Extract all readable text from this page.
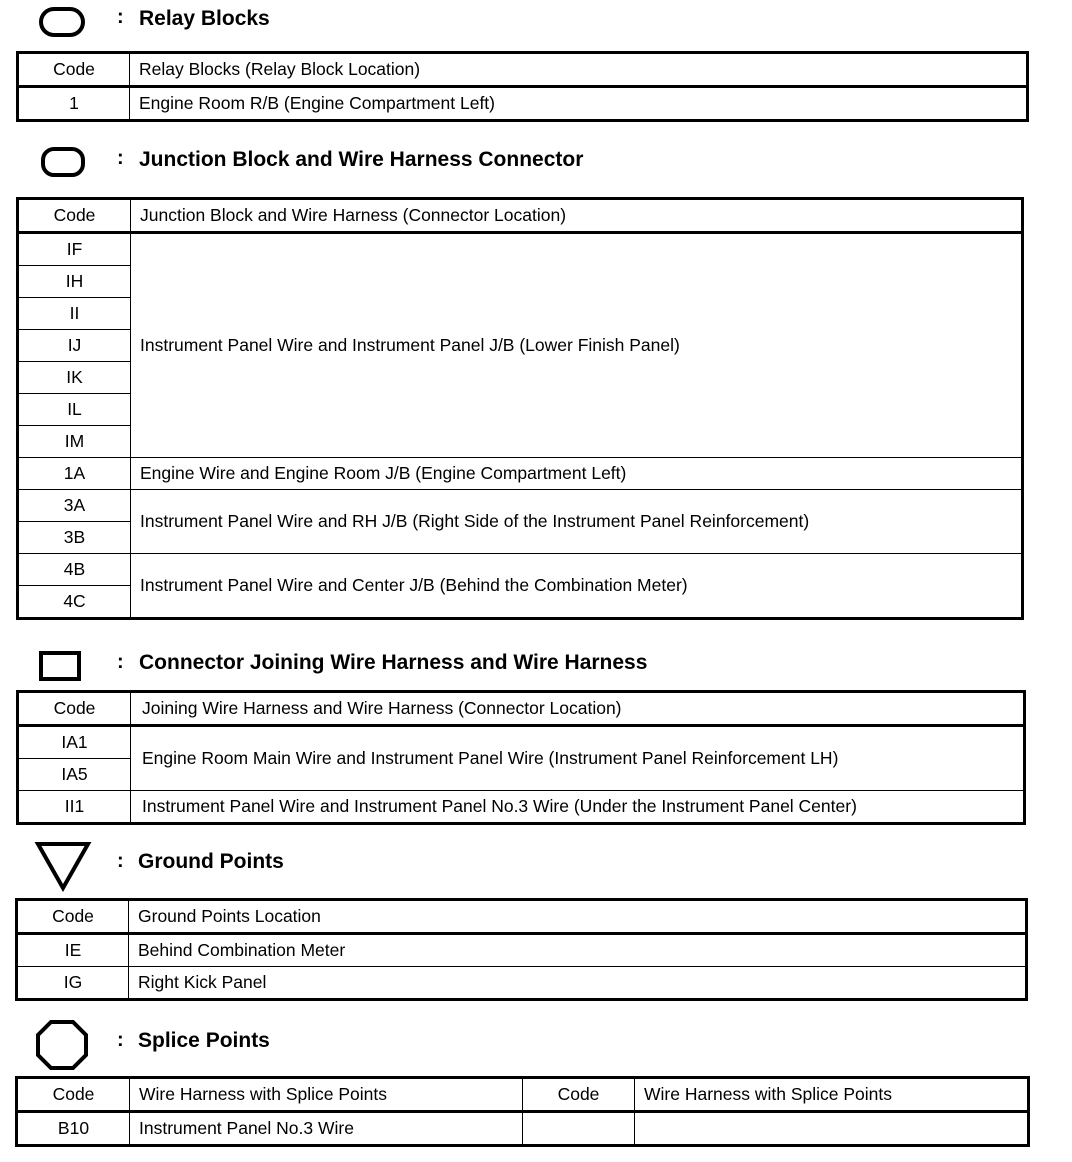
: Relay Blocks
Code	Relay Blocks (Relay Block Location)
1	Engine Room R/B (Engine Compartment Left)
: Junction Block and Wire Harness Connector
Code	Junction Block and Wire Harness (Connector Location)
IF	Instrument Panel Wire and Instrument Panel J/B (Lower Finish Panel)
IH	
II	
IJ	
IK	
IL	
IM	
1A	Engine Wire and Engine Room J/B (Engine Compartment Left)
3A	Instrument Panel Wire and RH J/B (Right Side of the Instrument Panel Reinforcement)
3B	
4B	Instrument Panel Wire and Center J/B (Behind the Combination Meter)
4C	
: Connector Joining Wire Harness and Wire Harness
Code	Joining Wire Harness and Wire Harness (Connector Location)
IA1	Engine Room Main Wire and Instrument Panel Wire (Instrument Panel Reinforcement LH)
IA5	
II1	Instrument Panel Wire and Instrument Panel No.3 Wire (Under the Instrument Panel Center)
: Ground Points
Code	Ground Points Location
IE	Behind Combination Meter
IG	Right Kick Panel
: Splice Points
Code	Wire Harness with Splice Points	Code	Wire Harness with Splice Points
B10	Instrument Panel No.3 Wire		
